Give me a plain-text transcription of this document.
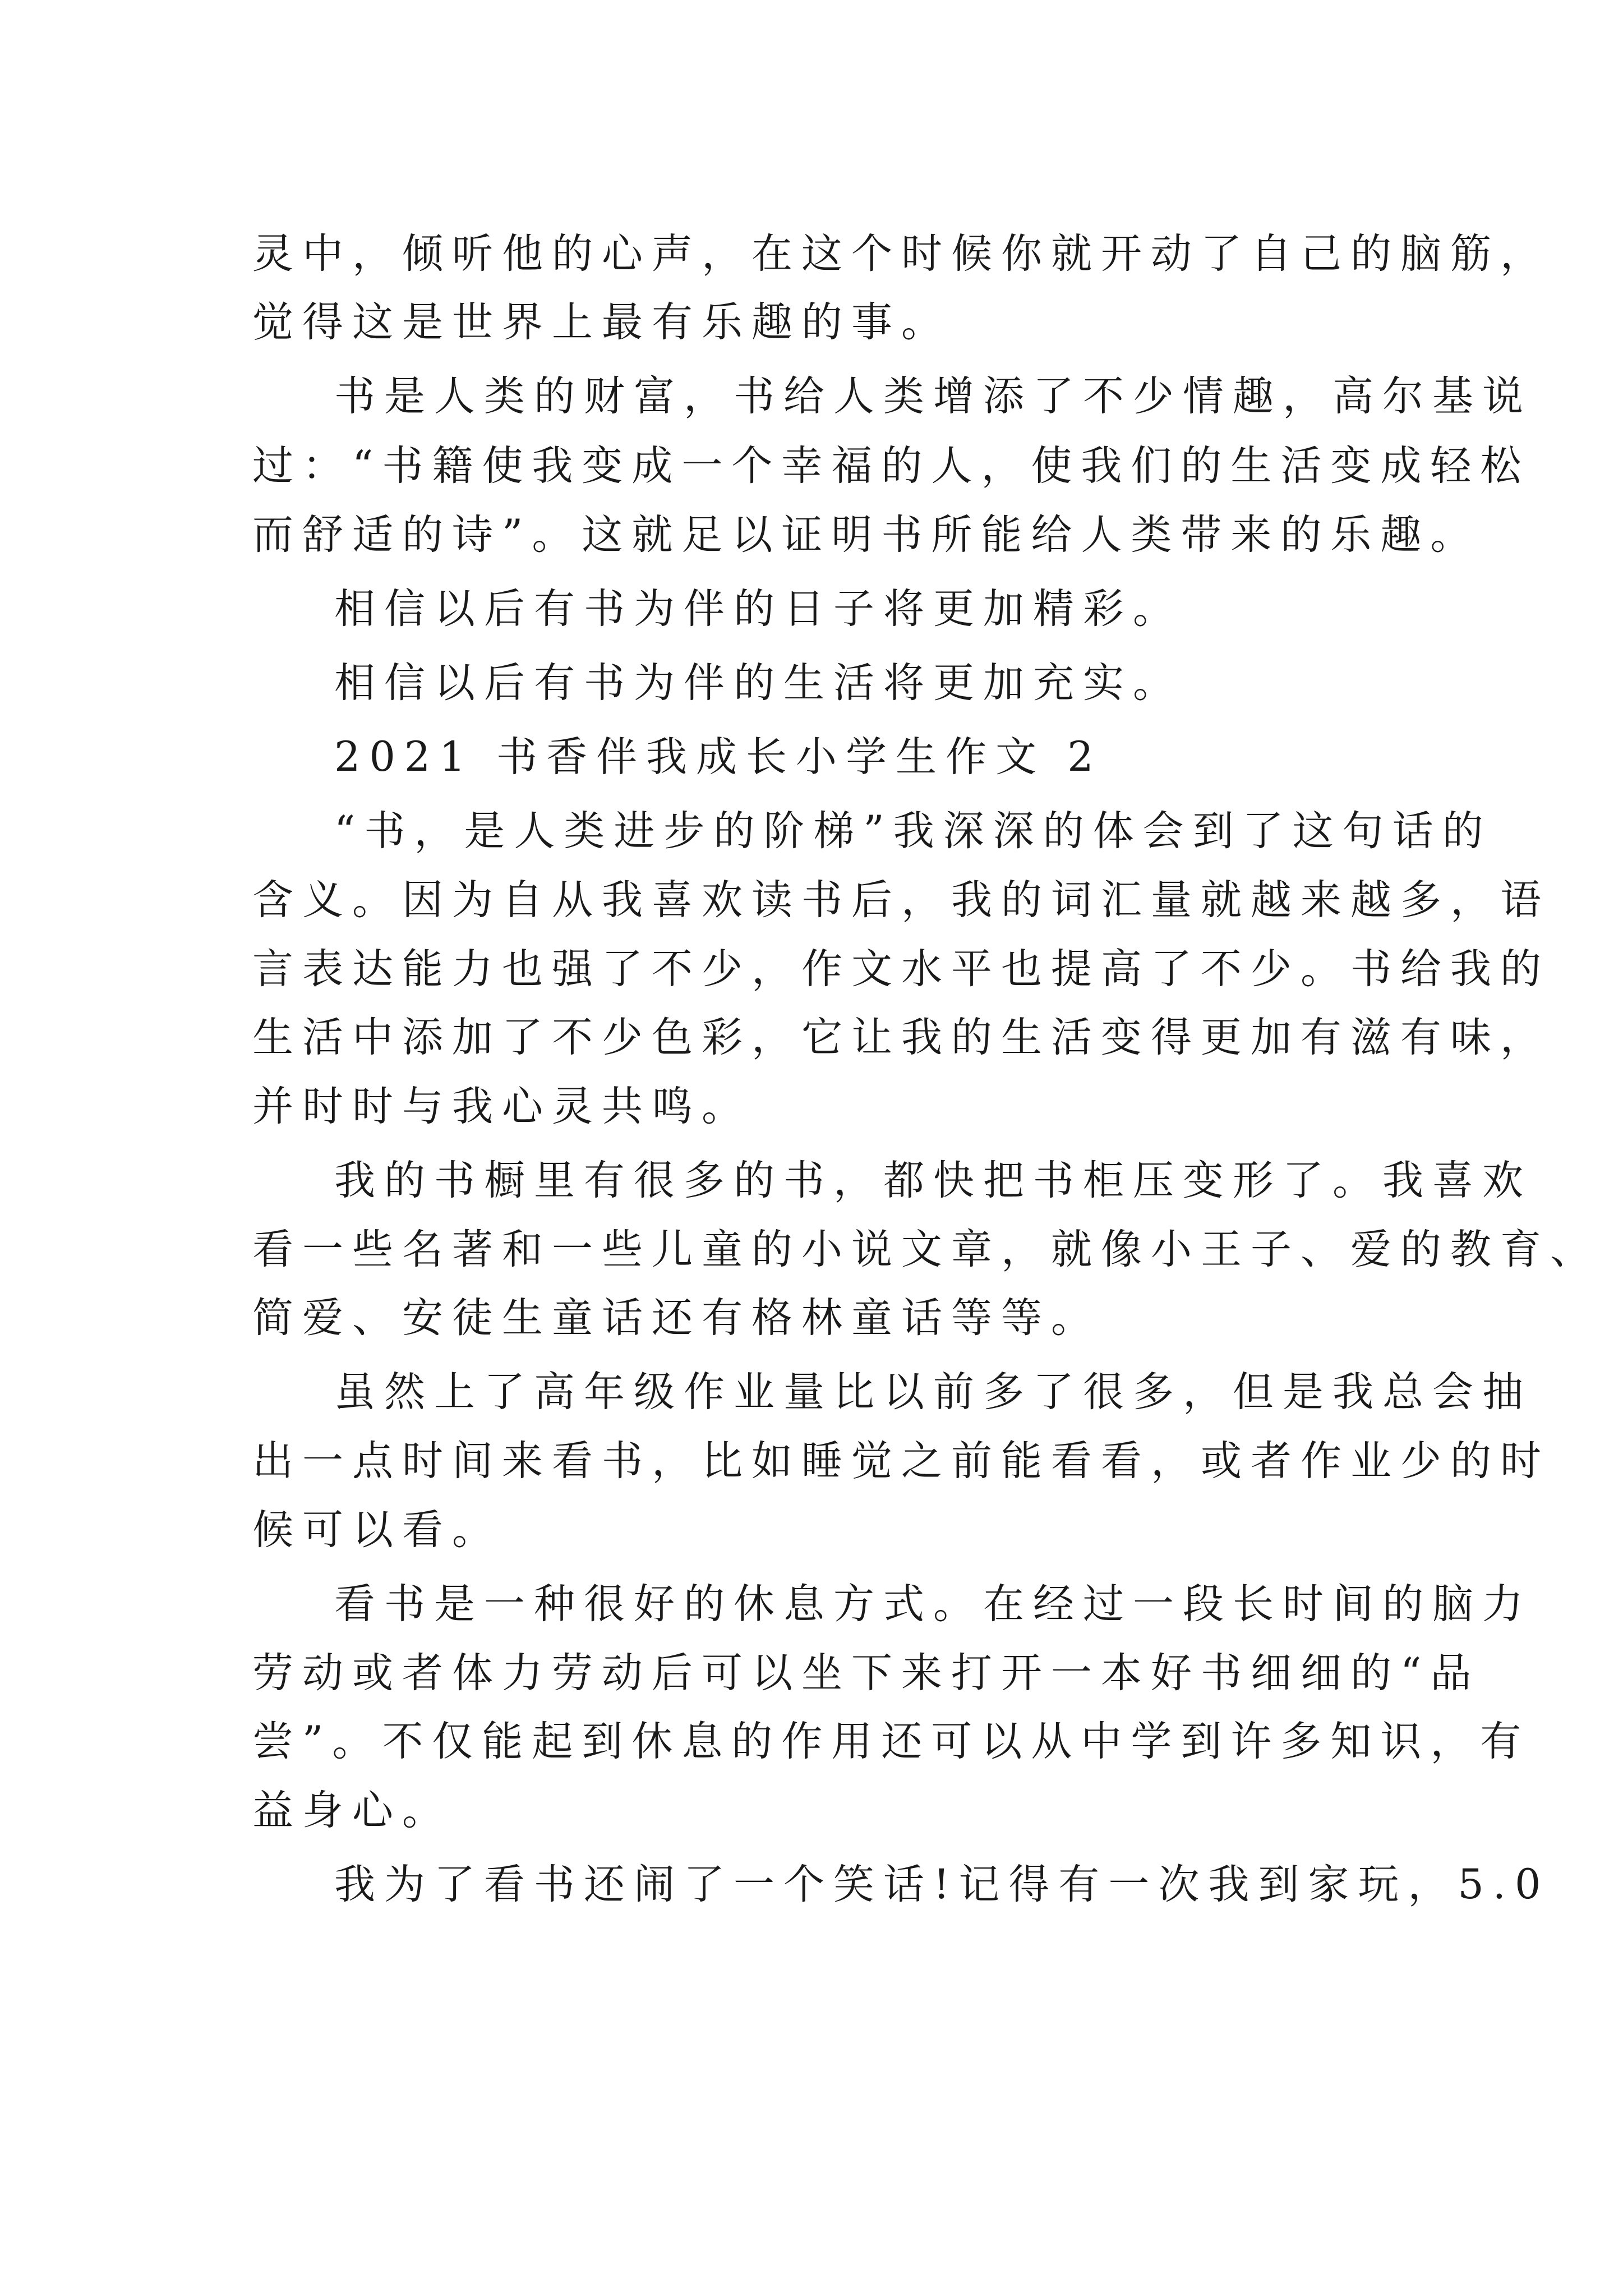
灵中，倾听他的心声，在这个时候你就开动了自己的脑筋，
觉得这是世界上最有乐趣的事。
书是人类的财富，书给人类增添了不少情趣，高尔基说
过：“书籍使我变成一个幸福的人，使我们的生活变成轻松
而舒适的诗”。这就足以证明书所能给人类带来的乐趣。
相信以后有书为伴的日子将更加精彩。
相信以后有书为伴的生活将更加充实。
2021 书香伴我成长小学生作文 2
“书，是人类进步的阶梯”我深深的体会到了这句话的
含义。因为自从我喜欢读书后，我的词汇量就越来越多，语
言表达能力也强了不少，作文水平也提高了不少。书给我的
生活中添加了不少色彩，它让我的生活变得更加有滋有味，
并时时与我心灵共鸣。
我的书橱里有很多的书，都快把书柜压变形了。我喜欢
看一些名著和一些儿童的小说文章，就像小王子、爱的教育、
简爱、安徒生童话还有格林童话等等。
虽然上了高年级作业量比以前多了很多，但是我总会抽
出一点时间来看书，比如睡觉之前能看看，或者作业少的时
候可以看。
看书是一种很好的休息方式。在经过一段长时间的脑力
劳动或者体力劳动后可以坐下来打开一本好书细细的“品
尝”。不仅能起到休息的作用还可以从中学到许多知识，有
益身心。
我为了看书还闹了一个笑话!记得有一次我到家玩，5.0
